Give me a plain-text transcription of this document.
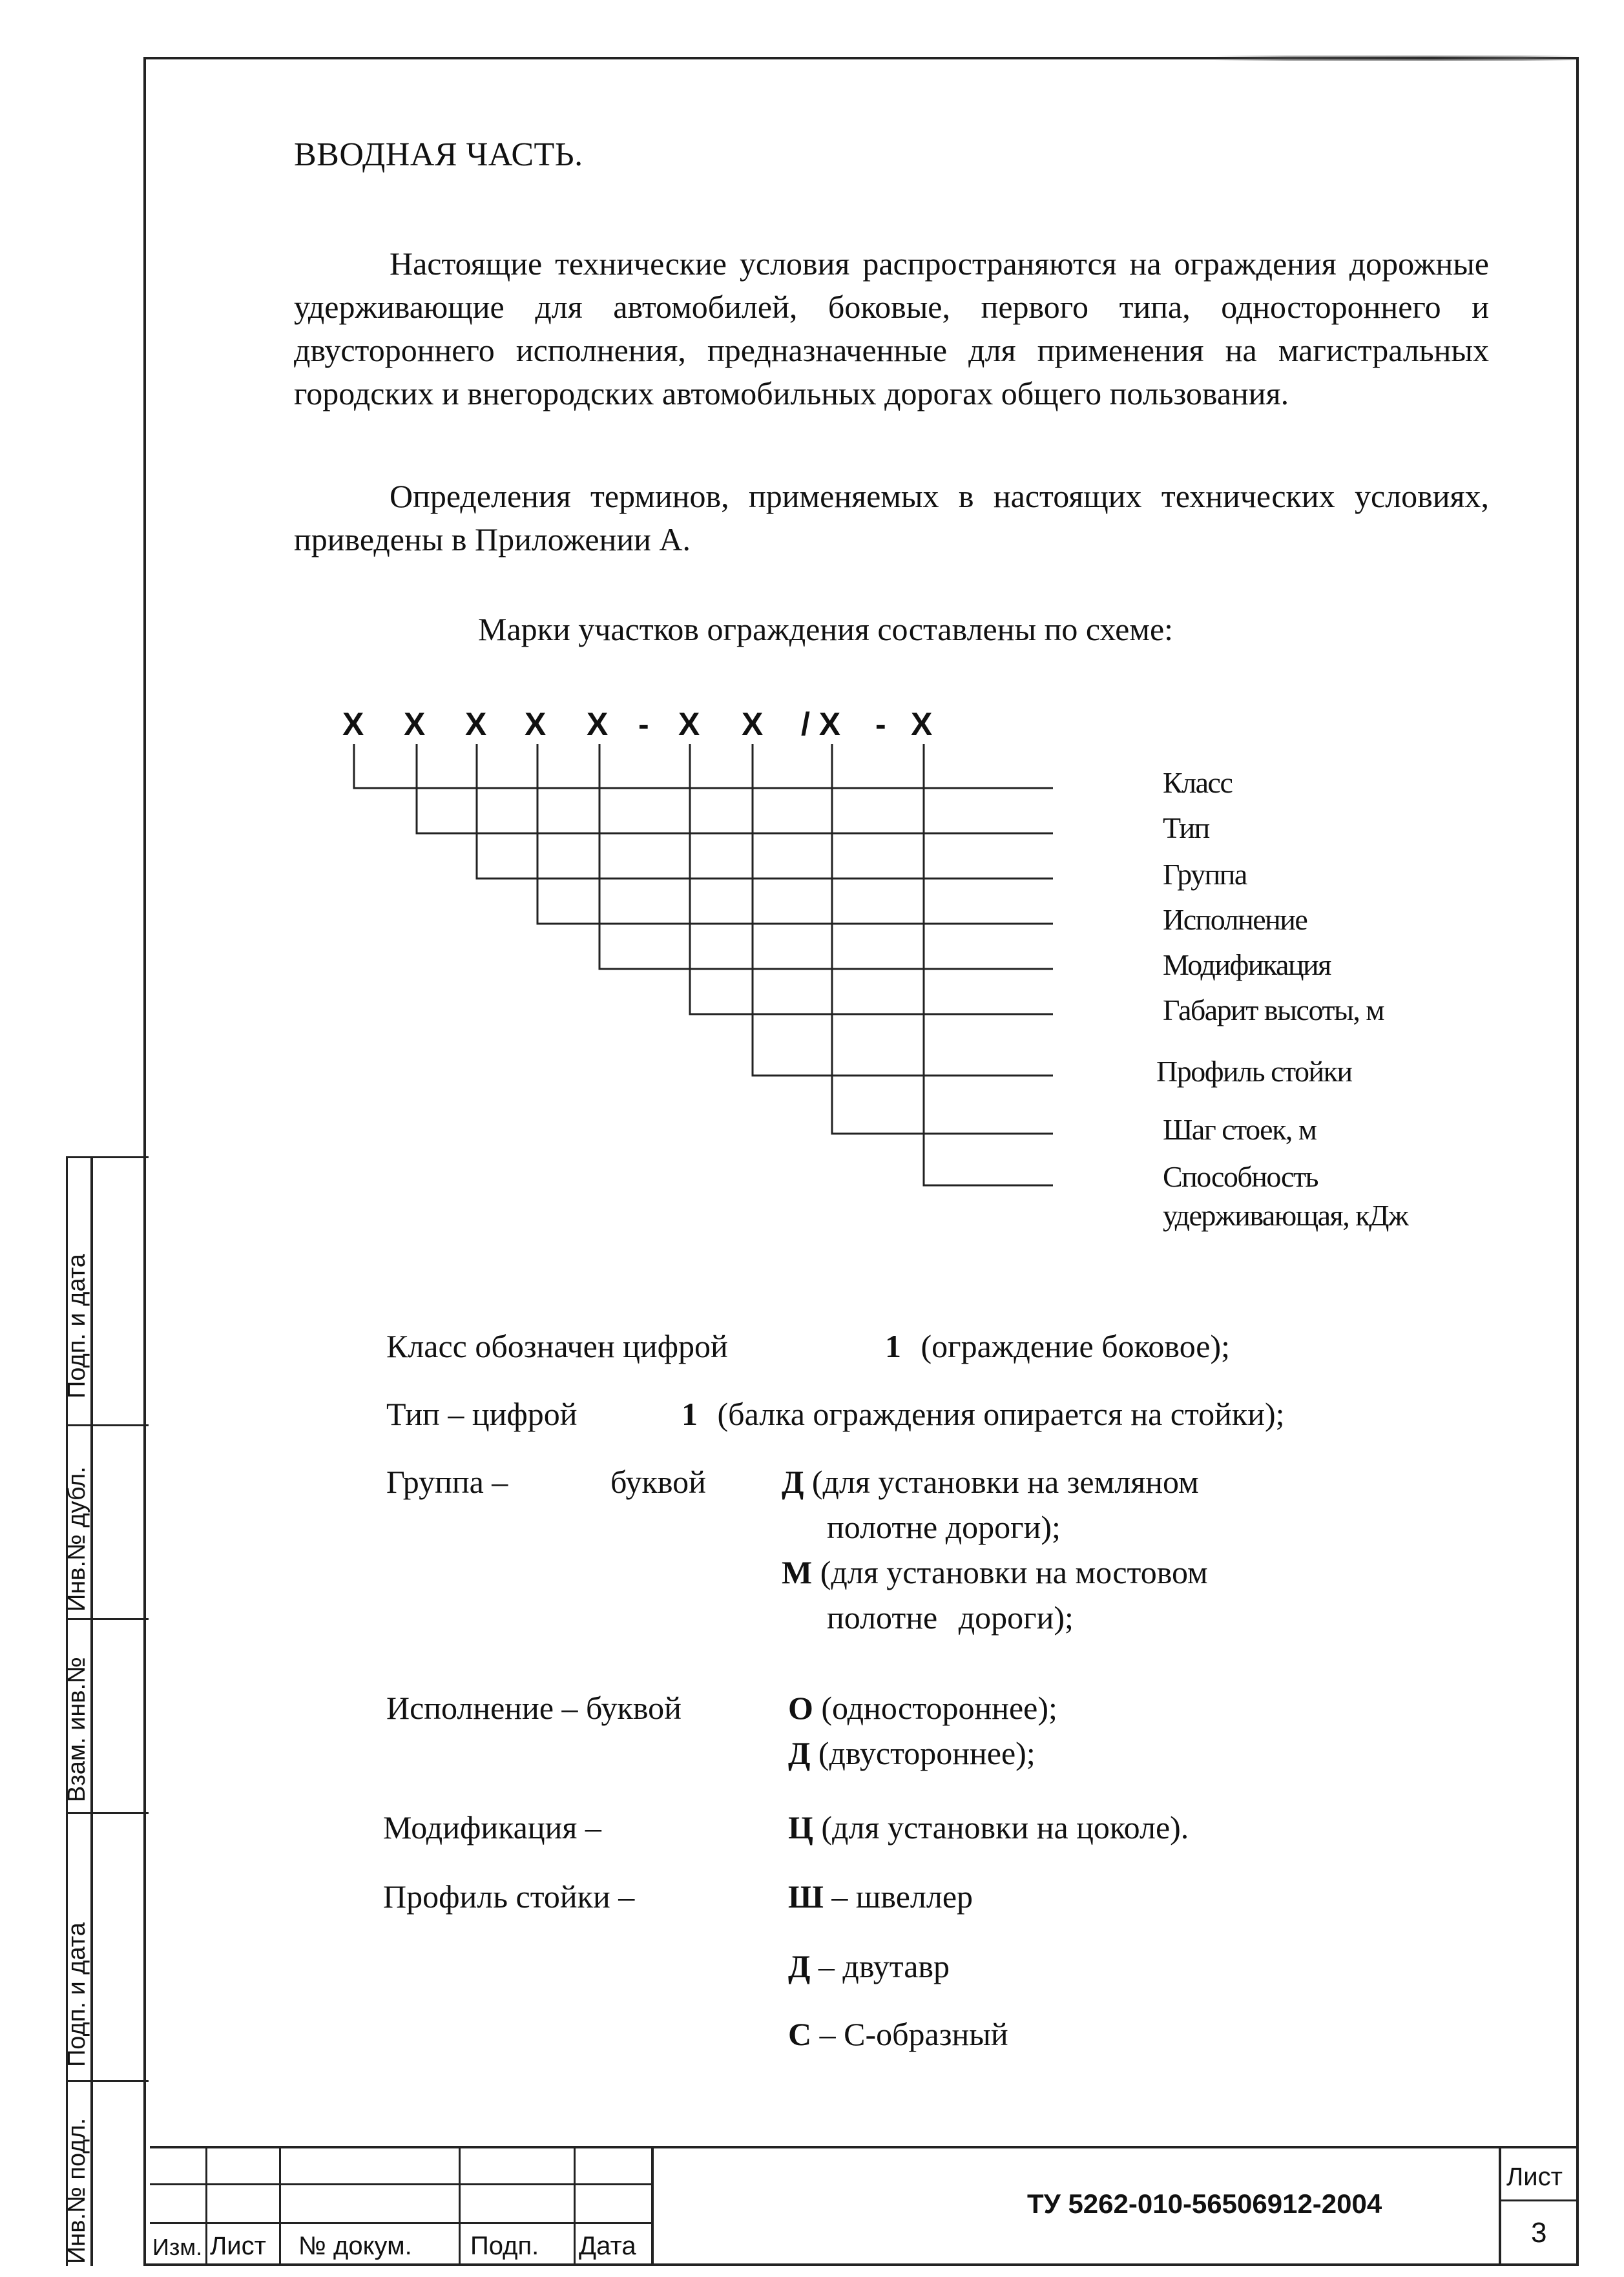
ВВОДНАЯ ЧАСТЬ.
Настоящие технические условия распространяются на ограждения дорожные удерживающие для автомобилей, боковые, первого типа, одностороннего и двустороннего исполнения, предназначенные для применения на магистральных городских и внегородских автомобильных дорогах общего пользования.
Определения терминов, применяемых в настоящих технических условиях, приведены в Приложении А.
Марки участков ограждения составлены по схеме:
Х Х Х Х Х - Х Х / Х - Х
Класс
Тип
Группа
Исполнение
Модификация
Габарит высоты, м
Профиль стойки
Шаг стоек, м
Способность
удерживающая, кДж
Класс обозначен цифрой	1 (ограждение боковое);
Тип – цифрой	1 (балка ограждения опирается на стойки);
Группа –	буквой Д (для установки на земляном
полотне дороги);
М (для установки на мостовом
полотне дороги);
Исполнение – буквой	О (одностороннее);
Д (двустороннее);
Модификация –	Ц (для установки на цоколе).
Профиль стойки –	Ш – швеллер
Д – двутавр
С – С-образный
Подп. и дата
Инв.№ дубл.
Взам. инв.№
Подп. и дата
Инв.№ подл.	Изм. Лист № докум. Подп. Дата
ТУ 5262-010-56506912-2004
Лист
3
